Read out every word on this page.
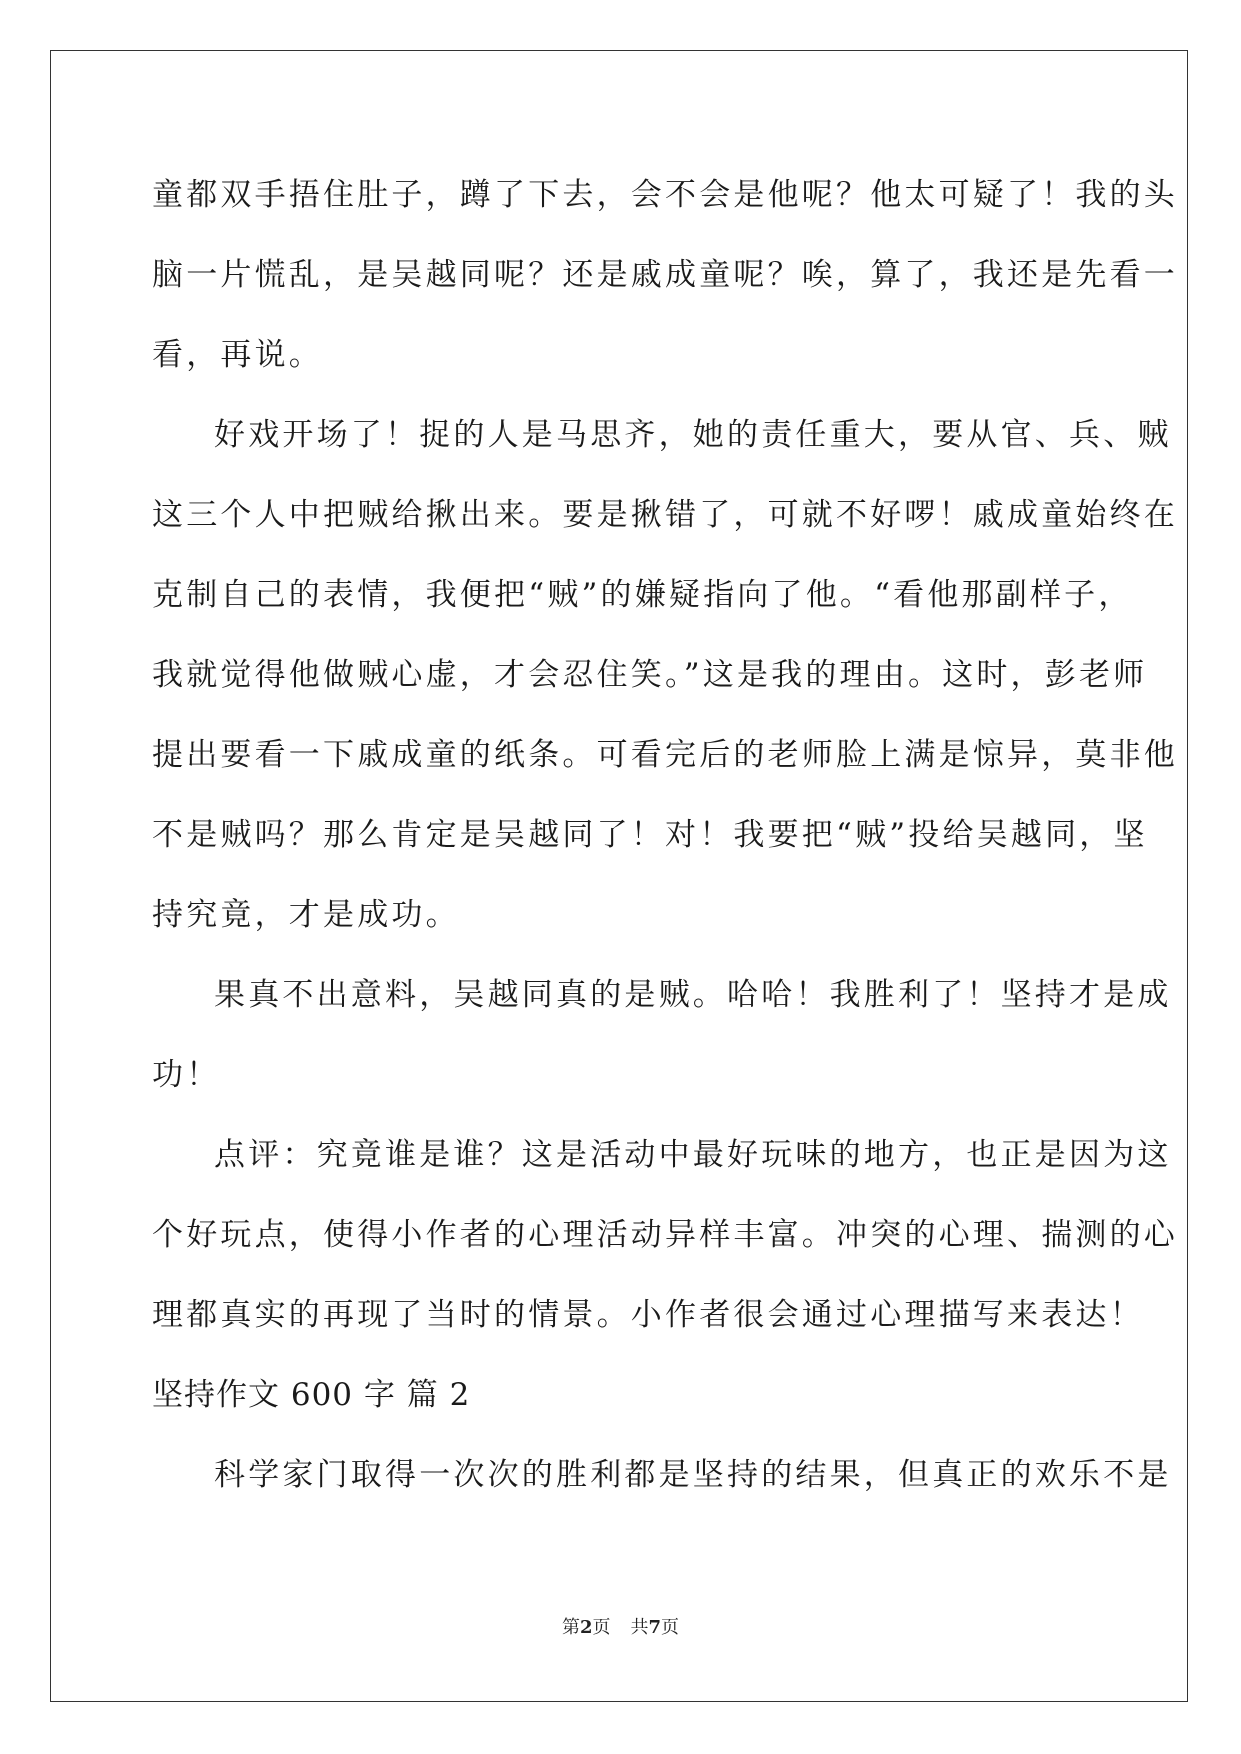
童都双手捂住肚子，蹲了下去，会不会是他呢？他太可疑了！我的头
脑一片慌乱，是吴越同呢？还是戚成童呢？唉，算了，我还是先看一
看，再说。
好戏开场了！捉的人是马思齐，她的责任重大，要从官、兵、贼
这三个人中把贼给揪出来。要是揪错了，可就不好啰！戚成童始终在
克制自己的表情，我便把“贼”的嫌疑指向了他。“看他那副样子，
我就觉得他做贼心虚，才会忍住笑。”这是我的理由。这时，彭老师
提出要看一下戚成童的纸条。可看完后的老师脸上满是惊异，莫非他
不是贼吗？那么肯定是吴越同了！对！我要把“贼”投给吴越同，坚
持究竟，才是成功。
果真不出意料，吴越同真的是贼。哈哈！我胜利了！坚持才是成
功！
点评：究竟谁是谁？这是活动中最好玩味的地方，也正是因为这
个好玩点，使得小作者的心理活动异样丰富。冲突的心理、揣测的心
理都真实的再现了当时的情景。小作者很会通过心理描写来表达！
坚持作文 600 字 篇 2
科学家门取得一次次的胜利都是坚持的结果，但真正的欢乐不是
第2页 共7页
